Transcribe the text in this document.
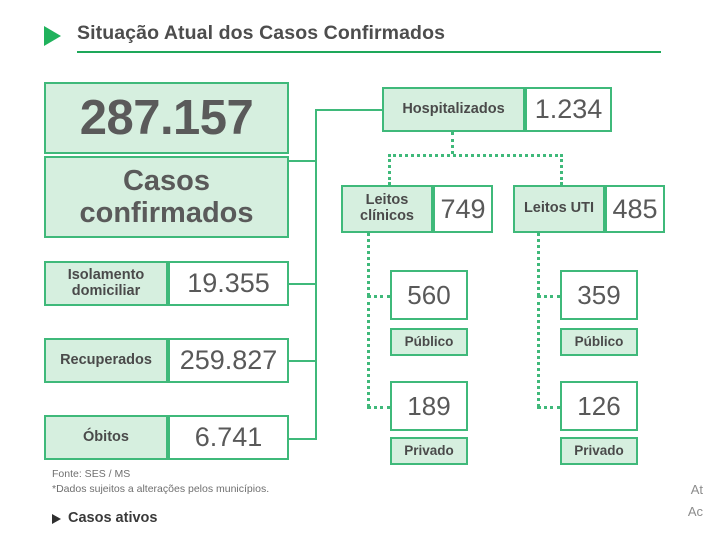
Situação Atual dos Casos Confirmados
287.157
Casos confirmados
Isolamento domiciliar	19.355
Recuperados 259.827
Óbitos 6.741
Hospitalizados 1.234
Leitos clínicos 749
560
Público
189
Privado
Leitos UTI 485
359
Público
126
Privado
Fonte: SES / MS
*Dados sujeitos a alterações pelos municípios.
Casos ativos
At
Ac
